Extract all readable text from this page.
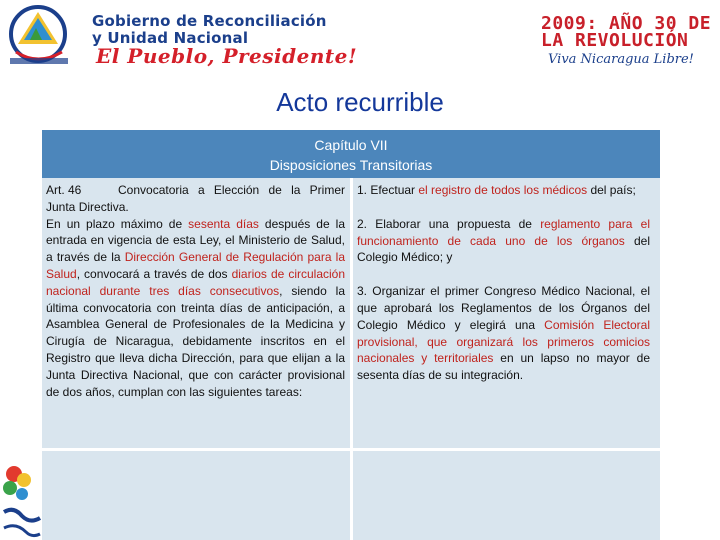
Gobierno de Reconciliación
y Unidad Nacional
El Pueblo, Presidente!
2009: AÑO 30 DE
LA REVOLUCIÓN
Viva Nicaragua Libre!
Acto recurrible
Capítulo VII
Disposiciones Transitorias

Art. 46	Convocatoria a Elección de la Primer Junta Directiva.

En un plazo máximo de sesenta días después de la entrada en vigencia de esta Ley, el Ministerio de Salud, a través de la Dirección General de Regulación para la Salud, convocará a través de dos diarios de circulación nacional durante tres días consecutivos, siendo la última convocatoria con treinta días de anticipación, a Asamblea General de Profesionales de la Medicina y Cirugía de Nicaragua, debidamente inscritos en el Registro que lleva dicha Dirección, para que elijan a la Junta Directiva Nacional, que con carácter provisional de dos años, cumplan con las siguientes tareas:

1. Efectuar el registro de todos los médicos del país;

2. Elaborar una propuesta de reglamento para el funcionamiento de cada uno de los órganos del Colegio Médico; y

3. Organizar el primer Congreso Médico Nacional, el que aprobará los Reglamentos de los Órganos del Colegio Médico y elegirá una Comisión Electoral provisional, que organizará los primeros comicios nacionales y territoriales en un lapso no mayor de sesenta días de su integración.
